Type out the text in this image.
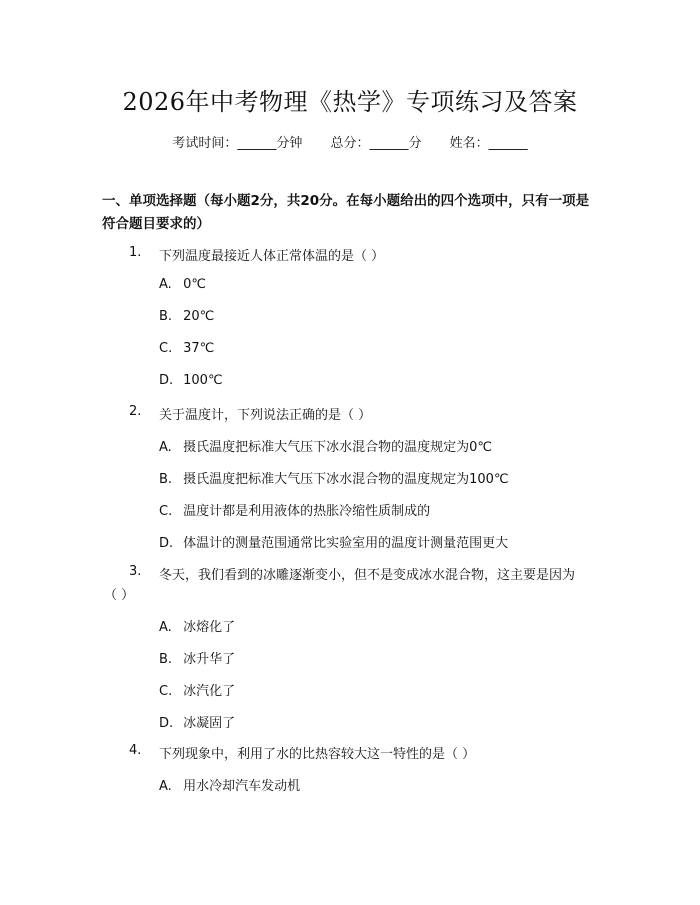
2026年中考物理《热学》专项练习及答案
考试时间：______分钟 总分：______分 姓名：______
一、单项选择题（每小题2分，共20分。在每小题给出的四个选项中，只有一项是符合题目要求的）
1. 下列温度最接近人体正常体温的是（ ）
A. 0℃
B. 20℃
C. 37℃
D. 100℃
2. 关于温度计，下列说法正确的是（ ）
A. 摄氏温度把标准大气压下冰水混合物的温度规定为0℃
B. 摄氏温度把标准大气压下冰水混合物的温度规定为100℃
C. 温度计都是利用液体的热胀冷缩性质制成的
D. 体温计的测量范围通常比实验室用的温度计测量范围更大
3. 冬天，我们看到的冰雕逐渐变小，但不是变成冰水混合物，这主要是因为
（ ）
A. 冰熔化了
B. 冰升华了
C. 冰汽化了
D. 冰凝固了
4. 下列现象中，利用了水的比热容较大这一特性的是（ ）
A. 用水冷却汽车发动机
